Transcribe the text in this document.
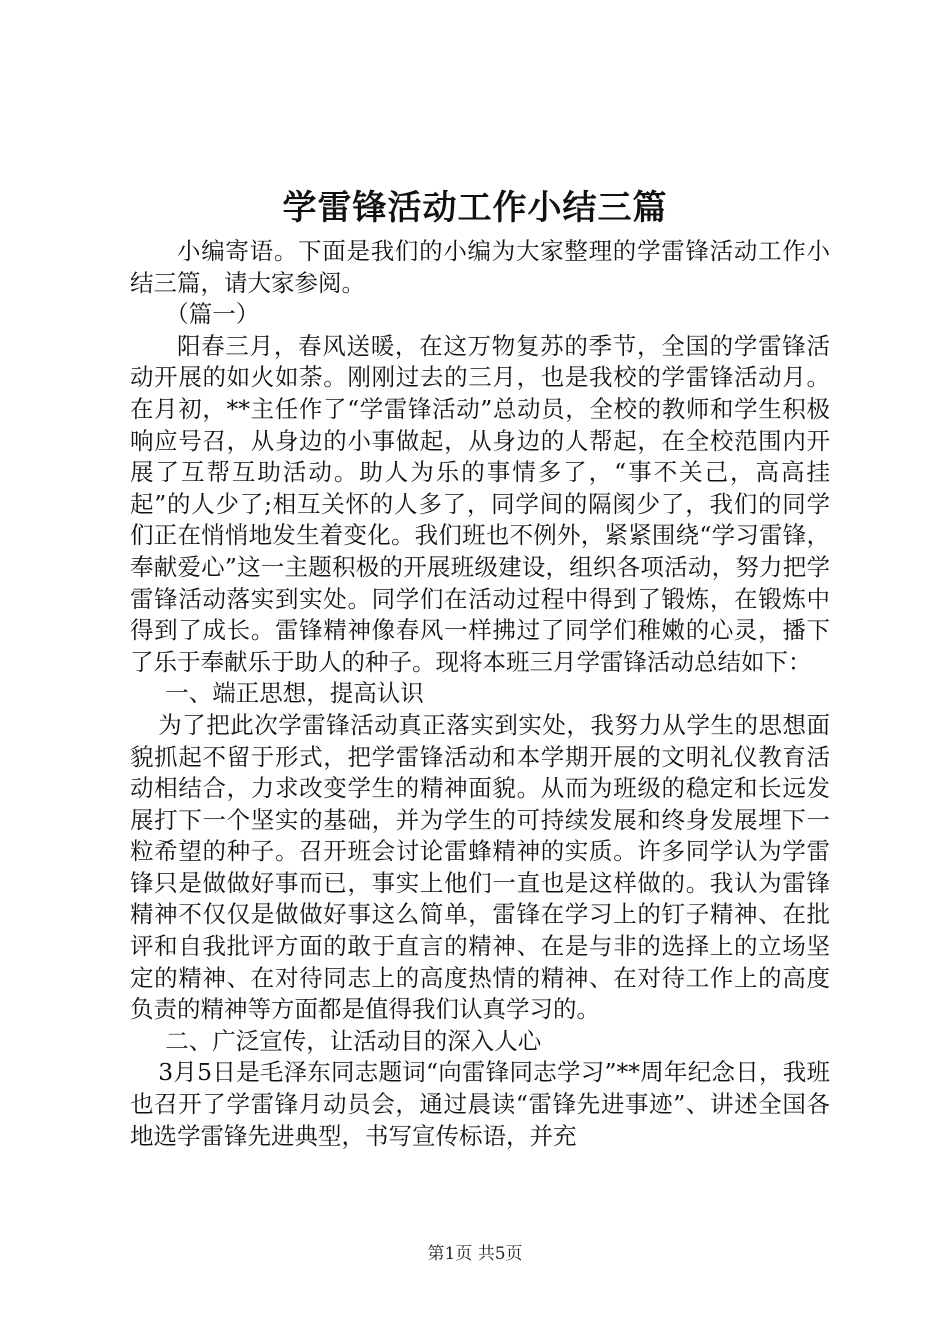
学雷锋活动工作小结三篇

小编寄语。下面是我们的小编为大家整理的学雷锋活动工作小结三篇，请大家参阅。

（篇一）

阳春三月，春风送暖，在这万物复苏的季节，全国的学雷锋活动开展的如火如荼。刚刚过去的三月，也是我校的学雷锋活动月。在月初，**主任作了“学雷锋活动”总动员，全校的教师和学生积极响应号召，从身边的小事做起，从身边的人帮起，在全校范围内开展了互帮互助活动。助人为乐的事情多了，“事不关己，高高挂起”的人少了;相互关怀的人多了，同学间的隔阂少了，我们的同学们正在悄悄地发生着变化。我们班也不例外，紧紧围绕“学习雷锋，奉献爱心”这一主题积极的开展班级建设，组织各项活动，努力把学雷锋活动落实到实处。同学们在活动过程中得到了锻炼，在锻炼中得到了成长。雷锋精神像春风一样拂过了同学们稚嫩的心灵，播下了乐于奉献乐于助人的种子。现将本班三月学雷锋活动总结如下：

一、端正思想，提高认识

为了把此次学雷锋活动真正落实到实处，我努力从学生的思想面貌抓起不留于形式，把学雷锋活动和本学期开展的文明礼仪教育活动相结合，力求改变学生的精神面貌。从而为班级的稳定和长远发展打下一个坚实的基础，并为学生的可持续发展和终身发展埋下一粒希望的种子。召开班会讨论雷蜂精神的实质。许多同学认为学雷锋只是做做好事而已，事实上他们一直也是这样做的。我认为雷锋精神不仅仅是做做好事这么简单，雷锋在学习上的钉子精神、在批评和自我批评方面的敢于直言的精神、在是与非的选择上的立场坚定的精神、在对待同志上的高度热情的精神、在对待工作上的高度负责的精神等方面都是值得我们认真学习的。

二、广泛宣传，让活动目的深入人心

3月5日是毛泽东同志题词“向雷锋同志学习”**周年纪念日，我班也召开了学雷锋月动员会，通过晨读“雷锋先进事迹”、讲述全国各地选学雷锋先进典型，书写宣传标语，并充

第1页 共5页
